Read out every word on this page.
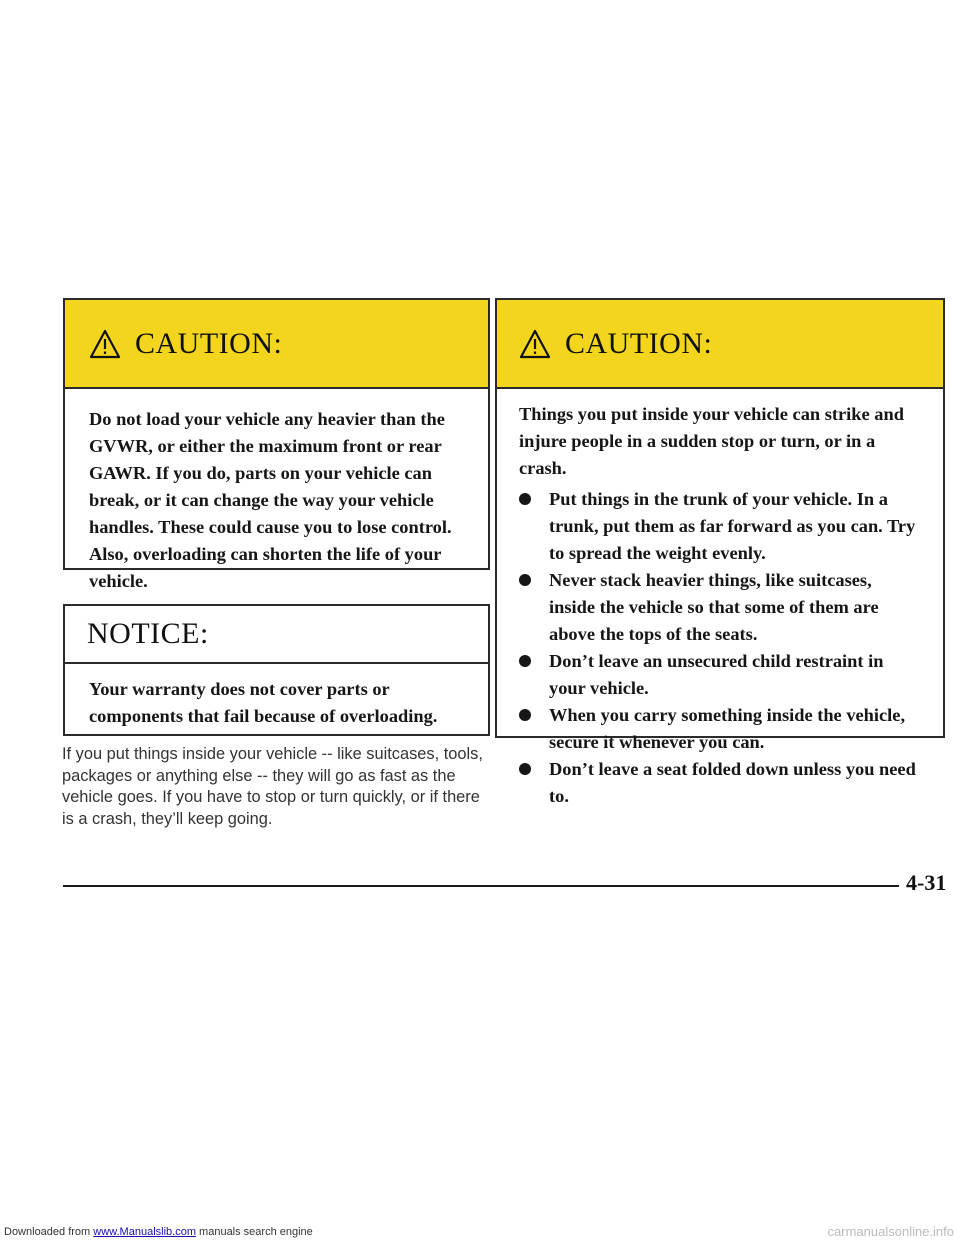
Downloaded from www.Manualslib.com manuals search engine	carmanualsonline.info
CAUTION:

Do not load your vehicle any heavier than the GVWR, or either the maximum front or rear GAWR. If you do, parts on your vehicle can break, or it can change the way your vehicle handles. These could cause you to lose control. Also, overloading can shorten the life of your vehicle.

NOTICE:

Your warranty does not cover parts or components that fail because of overloading.

If you put things inside your vehicle -- like suitcases, tools, packages or anything else -- they will go as fast as the vehicle goes. If you have to stop or turn quickly, or if there is a crash, they’ll keep going.

CAUTION:

Things you put inside your vehicle can strike and injure people in a sudden stop or turn, or in a crash.

Put things in the trunk of your vehicle. In a trunk, put them as far forward as you can. Try to spread the weight evenly.
Never stack heavier things, like suitcases, inside the vehicle so that some of them are above the tops of the seats.
Don’t leave an unsecured child restraint in your vehicle.
When you carry something inside the vehicle, secure it whenever you can.
Don’t leave a seat folded down unless you need to.
4-31
